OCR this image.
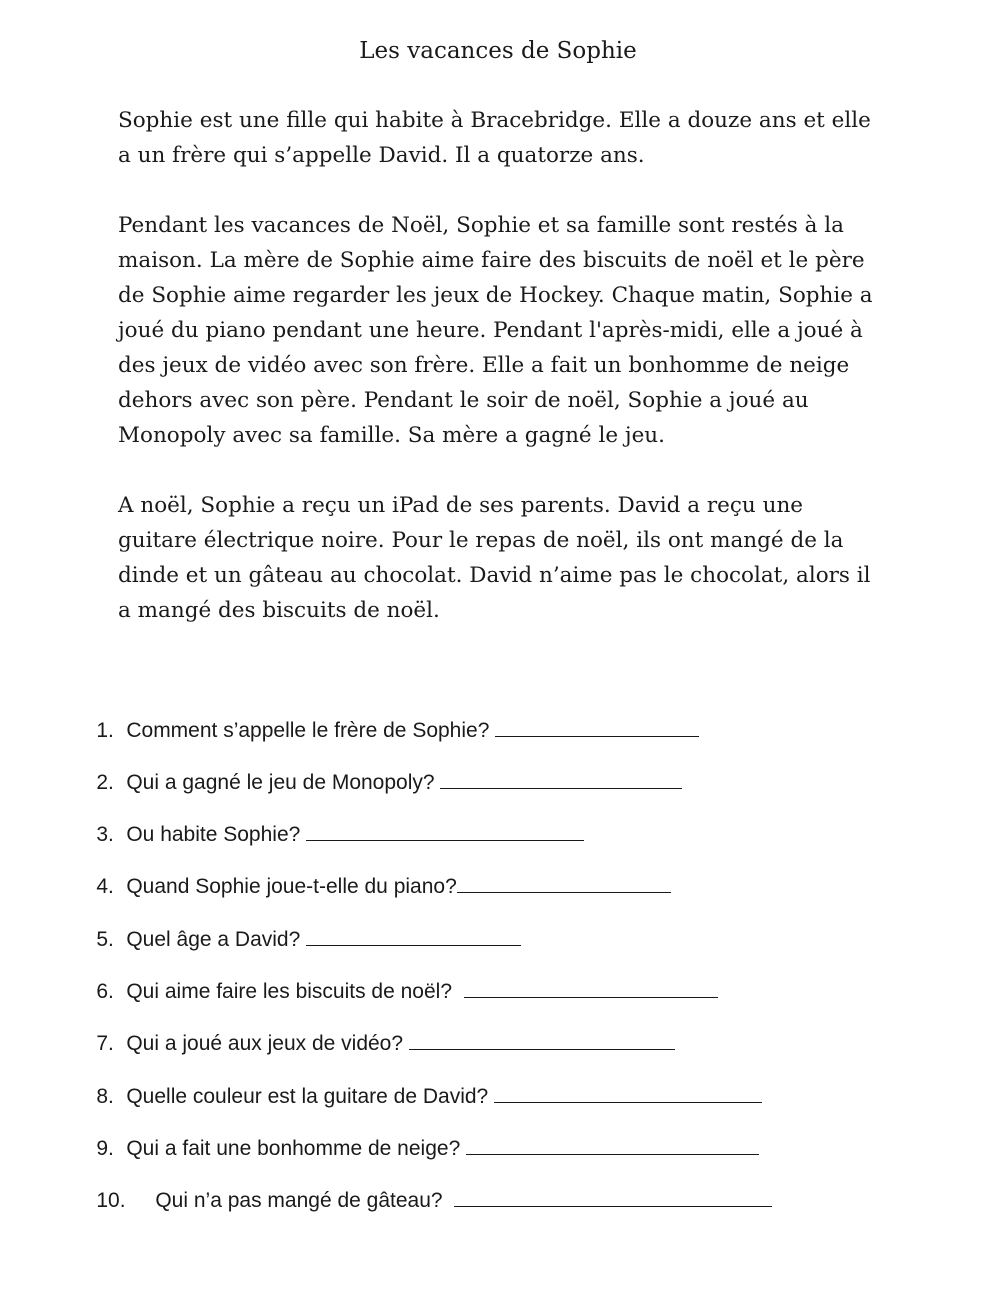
Les vacances de Sophie

Sophie est une fille qui habite à Bracebridge. Elle a douze ans et elle
a un frère qui s’appelle David. Il a quatorze ans.

Pendant les vacances de Noël, Sophie et sa famille sont restés à la
maison. La mère de Sophie aime faire des biscuits de noël et le père
de Sophie aime regarder les jeux de Hockey. Chaque matin, Sophie a
joué du piano pendant une heure. Pendant l'après-midi, elle a joué à
des jeux de vidéo avec son frère. Elle a fait un bonhomme de neige
dehors avec son père. Pendant le soir de noël, Sophie a joué au
Monopoly avec sa famille. Sa mère a gagné le jeu.

A noël, Sophie a reçu un iPad de ses parents. David a reçu une
guitare électrique noire. Pour le repas de noël, ils ont mangé de la
dinde et un gâteau au chocolat. David n’aime pas le chocolat, alors il
a mangé des biscuits de noël.

1. Comment s’appelle le frère de Sophie?

2. Qui a gagné le jeu de Monopoly?

3. Ou habite Sophie?

4. Quand Sophie joue-t-elle du piano?

5. Quel âge a David?

6. Qui aime faire les biscuits de noël?

7. Qui a joué aux jeux de vidéo?

8. Quelle couleur est la guitare de David?

9. Qui a fait une bonhomme de neige?

10. Qui n’a pas mangé de gâteau?
